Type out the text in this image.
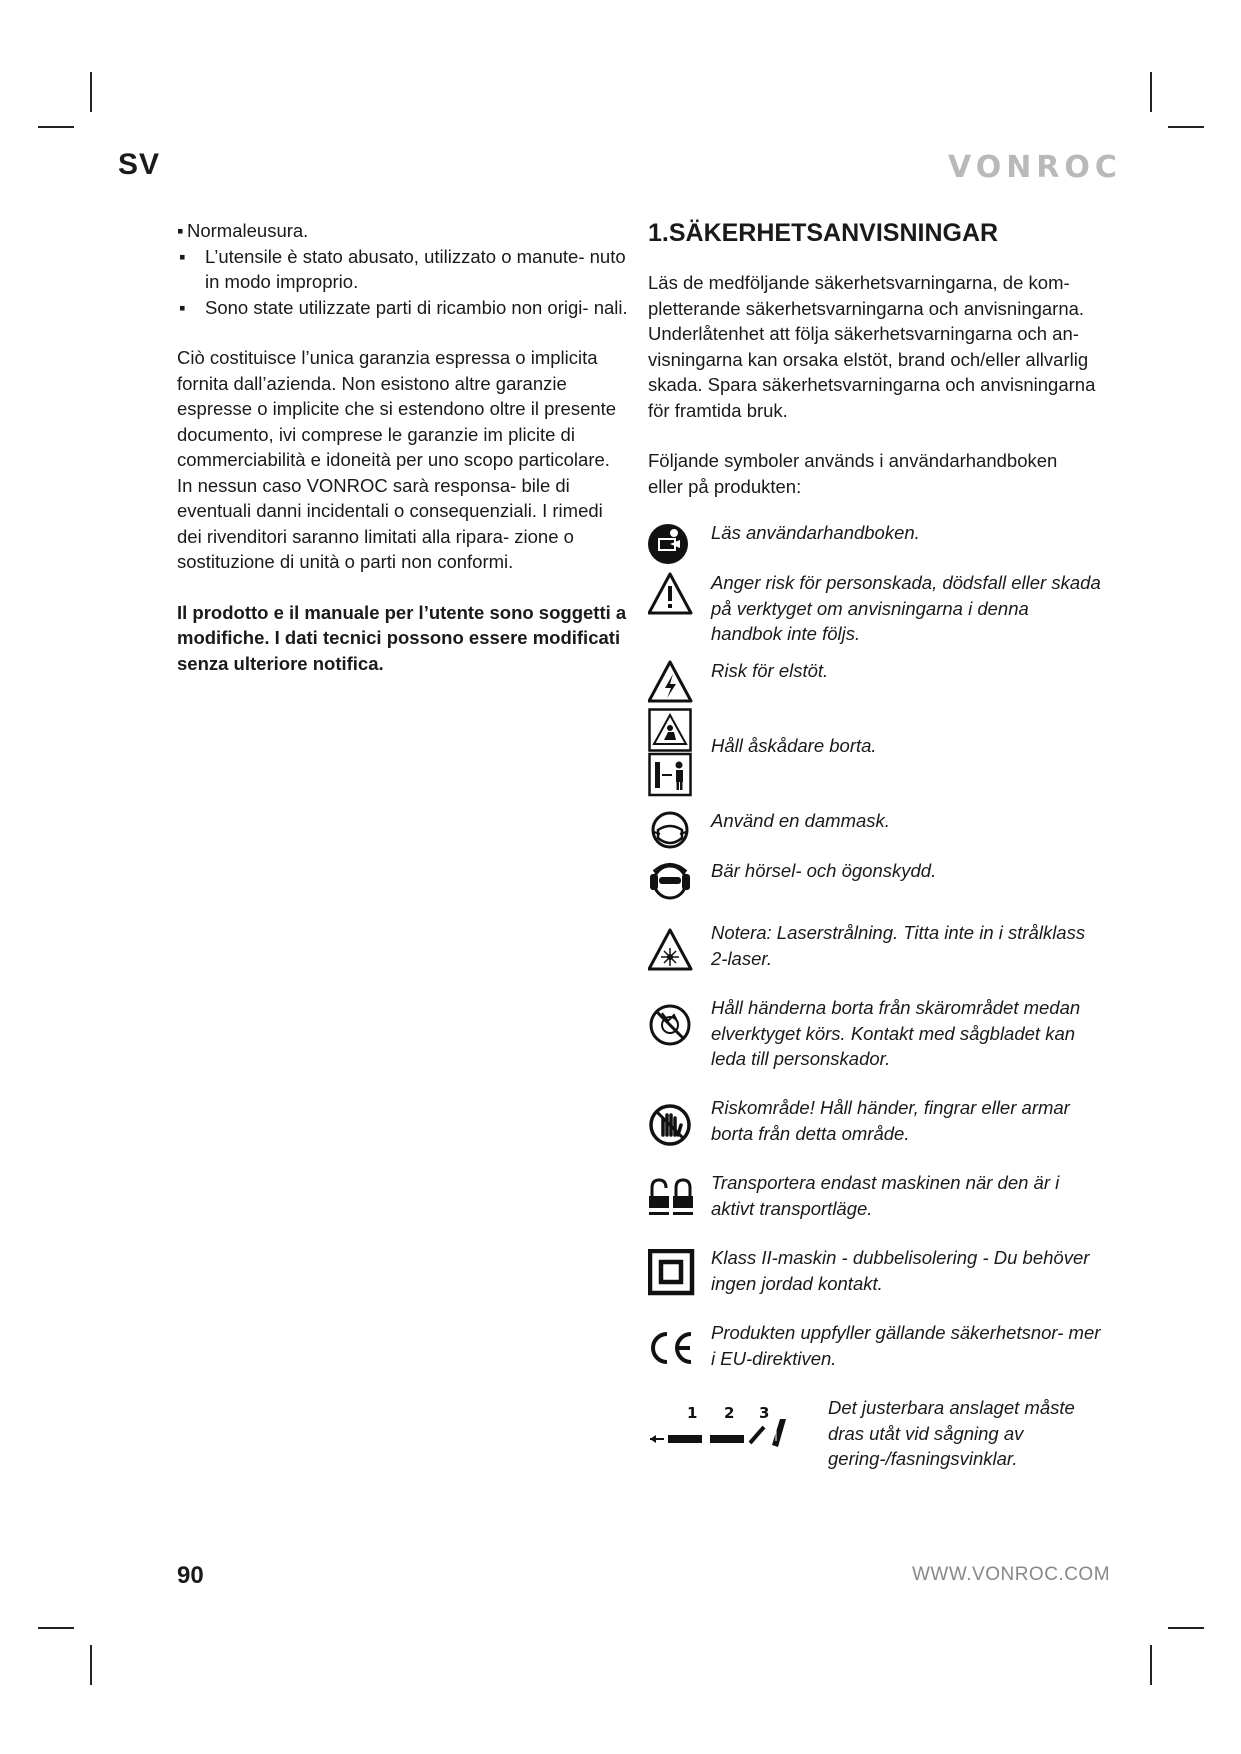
SV	VONROC
▪ Normaleusura.
▪ L’utensile è stato abusato, utilizzato o manute- nuto in modo improprio.
▪ Sono state utilizzate parti di ricambio non origi- nali.

Ciò costituisce l’unica garanzia espressa o implicita fornita dall’azienda. Non esistono altre garanzie espresse o implicite che si estendono oltre il presente documento, ivi comprese le garanzie im plicite di commerciabilità e idoneità per uno scopo particolare. In nessun caso VONROC sarà responsa- bile di eventuali danni incidentali o consequenziali. I rimedi dei rivenditori saranno limitati alla ripara- zione o sostituzione di unità o parti non conformi.

Il prodotto e il manuale per l’utente sono soggetti a modifiche. I dati tecnici possono essere modificati senza ulteriore notifica.

1.SÄKERHETSANVISNINGAR

Läs de medföljande säkerhetsvarningarna, de kom- pletterande säkerhetsvarningarna och anvisningarna. Underlåtenhet att följa säkerhetsvarningarna och an- visningarna kan orsaka elstöt, brand och/eller allvarlig skada. Spara säkerhetsvarningarna och anvisningarna för framtida bruk.

Följande symboler används i användarhandboken eller på produkten:

Läs användarhandboken.
Anger risk för personskada, dödsfall eller skada på verktyget om anvisningarna i denna handbok inte följs.
Risk för elstöt.
Håll åskådare borta.
Använd en dammask.
Bär hörsel- och ögonskydd.
Notera: Laserstrålning. Titta inte in i strålklass 2-laser.
Håll händerna borta från skärområdet medan elverktyget körs. Kontakt med sågbladet kan leda till personskador.
Riskområde! Håll händer, fingrar eller armar borta från detta område.
Transportera endast maskinen när den är i aktivt transportläge.
Klass II-maskin - dubbelisolering - Du behöver ingen jordad kontakt.
Produkten uppfyller gällande säkerhetsnor- mer i EU-direktiven.
1 2 3	Det justerbara anslaget måste dras utåt vid sågning av gering-/fasningsvinklar.
90	WWW.VONROC.COM
